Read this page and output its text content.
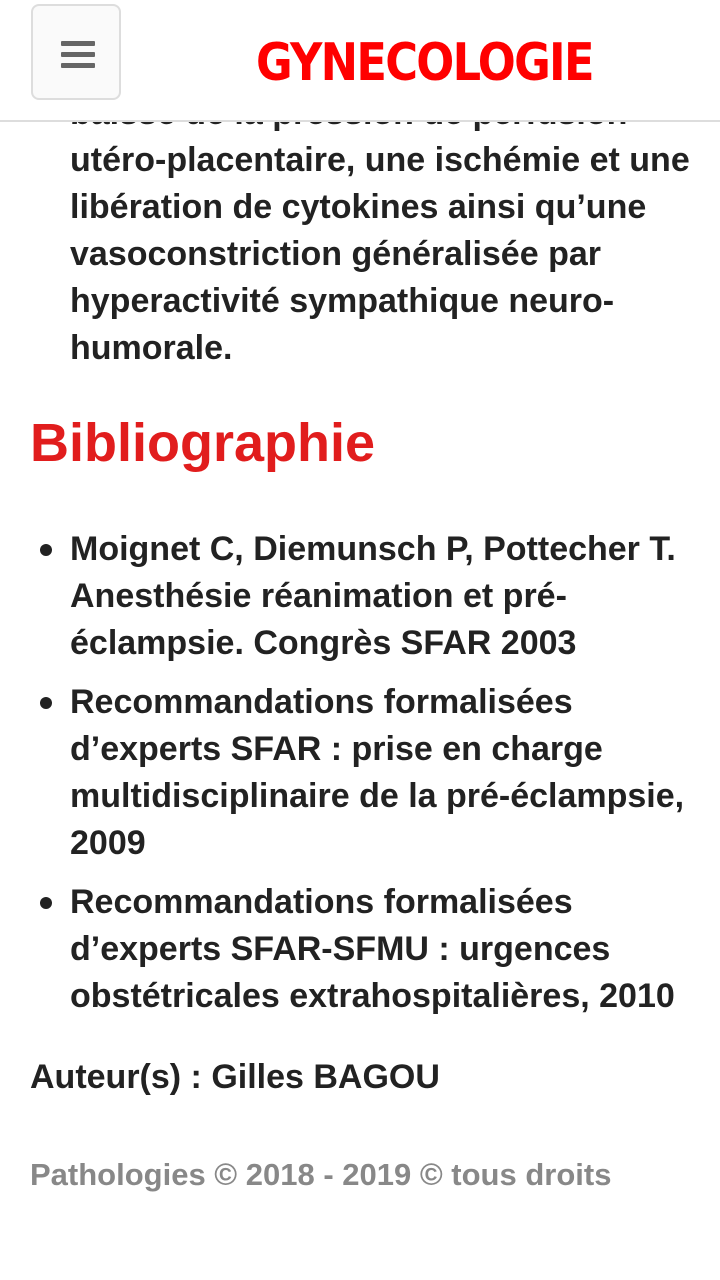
utéro-placentaire, une ischémie et une libération de cytokines ainsi qu’une vasoconstriction généralisée par hyperactivité sympathique neuro-humorale.

Bibliographie
Moignet C, Diemunsch P, Pottecher T. Anesthésie réanimation et pré-éclampsie. Congrès SFAR 2003
Recommandations formalisées d’experts SFAR : prise en charge multidisciplinaire de la pré-éclampsie, 2009
Recommandations formalisées d’experts SFAR-SFMU : urgences obstétricales extrahospitalières, 2010

Auteur(s) : Gilles BAGOU

Pathologies © 2018 - 2019 © tous droits

GYNECOLOGIE
